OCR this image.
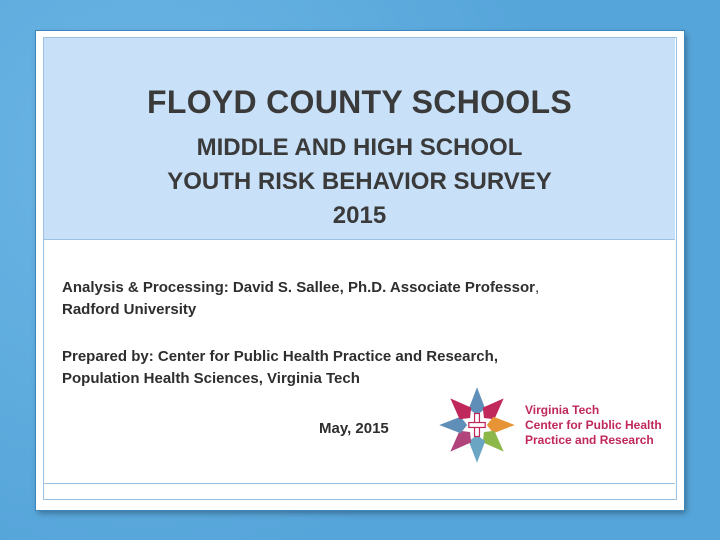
FLOYD COUNTY SCHOOLS
MIDDLE AND HIGH SCHOOL
YOUTH RISK BEHAVIOR SURVEY
2015
Analysis & Processing: David S. Sallee, Ph.D. Associate Professor,
Radford University
Prepared by: Center for Public Health Practice and Research,
Population Health Sciences, Virginia Tech
May, 2015
Virginia Tech
Center for Public Health
Practice and Research
